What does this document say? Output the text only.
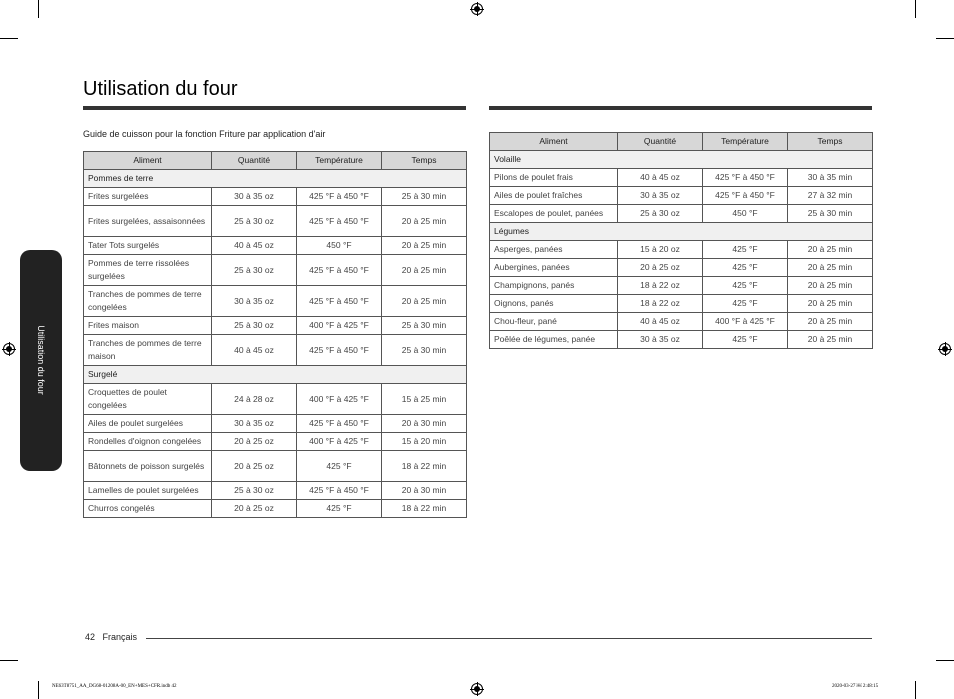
Utilisation du four
Utilisation du four
Guide de cuisson pour la fonction Friture par application d'air
Aliment	Quantité	Température	Temps
Pommes de terre			
Frites surgelées	30 à 35 oz	425 °F à 450 °F	25 à 30 min
Frites surgelées, assaisonnées	25 à 30 oz	425 °F à 450 °F	20 à 25 min
Tater Tots surgelés	40 à 45 oz	450 °F	20 à 25 min
Pommes de terre rissolées surgelées	25 à 30 oz	425 °F à 450 °F	20 à 25 min
Tranches de pommes de terre congelées	30 à 35 oz	425 °F à 450 °F	20 à 25 min
Frites maison	25 à 30 oz	400 °F à 425 °F	25 à 30 min
Tranches de pommes de terre maison	40 à 45 oz	425 °F à 450 °F	25 à 30 min
Surgelé			
Croquettes de poulet congelées	24 à 28 oz	400 °F à 425 °F	15 à 25 min
Ailes de poulet surgelées	30 à 35 oz	425 °F à 450 °F	20 à 30 min
Rondelles d'oignon congelées	20 à 25 oz	400 °F à 425 °F	15 à 20 min
Bâtonnets de poisson surgelés	20 à 25 oz	425 °F	18 à 22 min
Lamelles de poulet surgelées	25 à 30 oz	425 °F à 450 °F	20 à 30 min
Churros congelés	20 à 25 oz	425 °F	18 à 22 min
Aliment	Quantité	Température	Temps
Volaille			
Pilons de poulet frais	40 à 45 oz	425 °F à 450 °F	30 à 35 min
Ailes de poulet fraîches	30 à 35 oz	425 °F à 450 °F	27 à 32 min
Escalopes de poulet, panées	25 à 30 oz	450 °F	25 à 30 min
Légumes			
Asperges, panées	15 à 20 oz	425 °F	20 à 25 min
Aubergines, panées	20 à 25 oz	425 °F	20 à 25 min
Champignons, panés	18 à 22 oz	425 °F	20 à 25 min
Oignons, panés	18 à 22 oz	425 °F	20 à 25 min
Chou-fleur, pané	40 à 45 oz	400 °F à 425 °F	20 à 25 min
Poêlée de légumes, panée	30 à 35 oz	425 °F	20 à 25 min
42 Français
NE63T8751_AA_DG68-01208A-00_EN+MES+CFR.indb 42	2020-03-27 ￼ 2:48:15
